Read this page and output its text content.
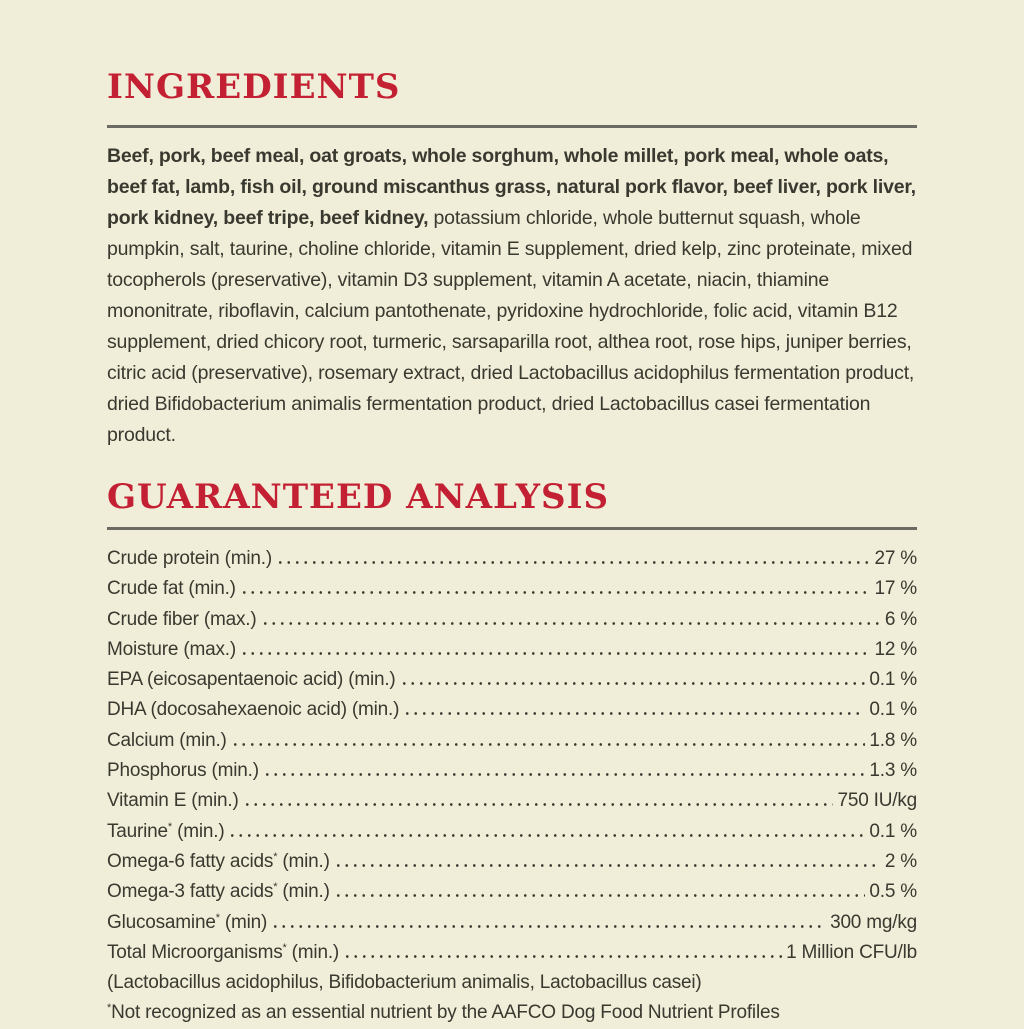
INGREDIENTS

Beef, pork, beef meal, oat groats, whole sorghum, whole millet, pork meal, whole oats, beef fat, lamb, fish oil, ground miscanthus grass, natural pork flavor, beef liver, pork liver, pork kidney, beef tripe, beef kidney, potassium chloride, whole butternut squash, whole pumpkin, salt, taurine, choline chloride, vitamin E supplement, dried kelp, zinc proteinate, mixed tocopherols (preservative), vitamin D3 supplement, vitamin A acetate, niacin, thiamine mononitrate, riboflavin, calcium pantothenate, pyridoxine hydrochloride, folic acid, vitamin B12 supplement, dried chicory root, turmeric, sarsaparilla root, althea root, rose hips, juniper berries, citric acid (preservative), rosemary extract, dried Lactobacillus acidophilus fermentation product, dried Bifidobacterium animalis fermentation product, dried Lactobacillus casei fermentation product.

GUARANTEED ANALYSIS
Crude protein (min.)	27 %
Crude fat (min.)	17 %
Crude fiber (max.)	6 %
Moisture (max.)	12 %
EPA (eicosapentaenoic acid) (min.)	0.1 %
DHA (docosahexaenoic acid) (min.)	0.1 %
Calcium (min.)	1.8 %
Phosphorus (min.)	1.3 %
Vitamin E (min.)	750 IU/kg
Taurine* (min.)	0.1 %
Omega-6 fatty acids* (min.)	2 %
Omega-3 fatty acids* (min.)	0.5 %
Glucosamine* (min)	300 mg/kg
Total Microorganisms* (min.)	1 Million CFU/lb

(Lactobacillus acidophilus, Bifidobacterium animalis, Lactobacillus casei)

*Not recognized as an essential nutrient by the AAFCO Dog Food Nutrient Profiles
